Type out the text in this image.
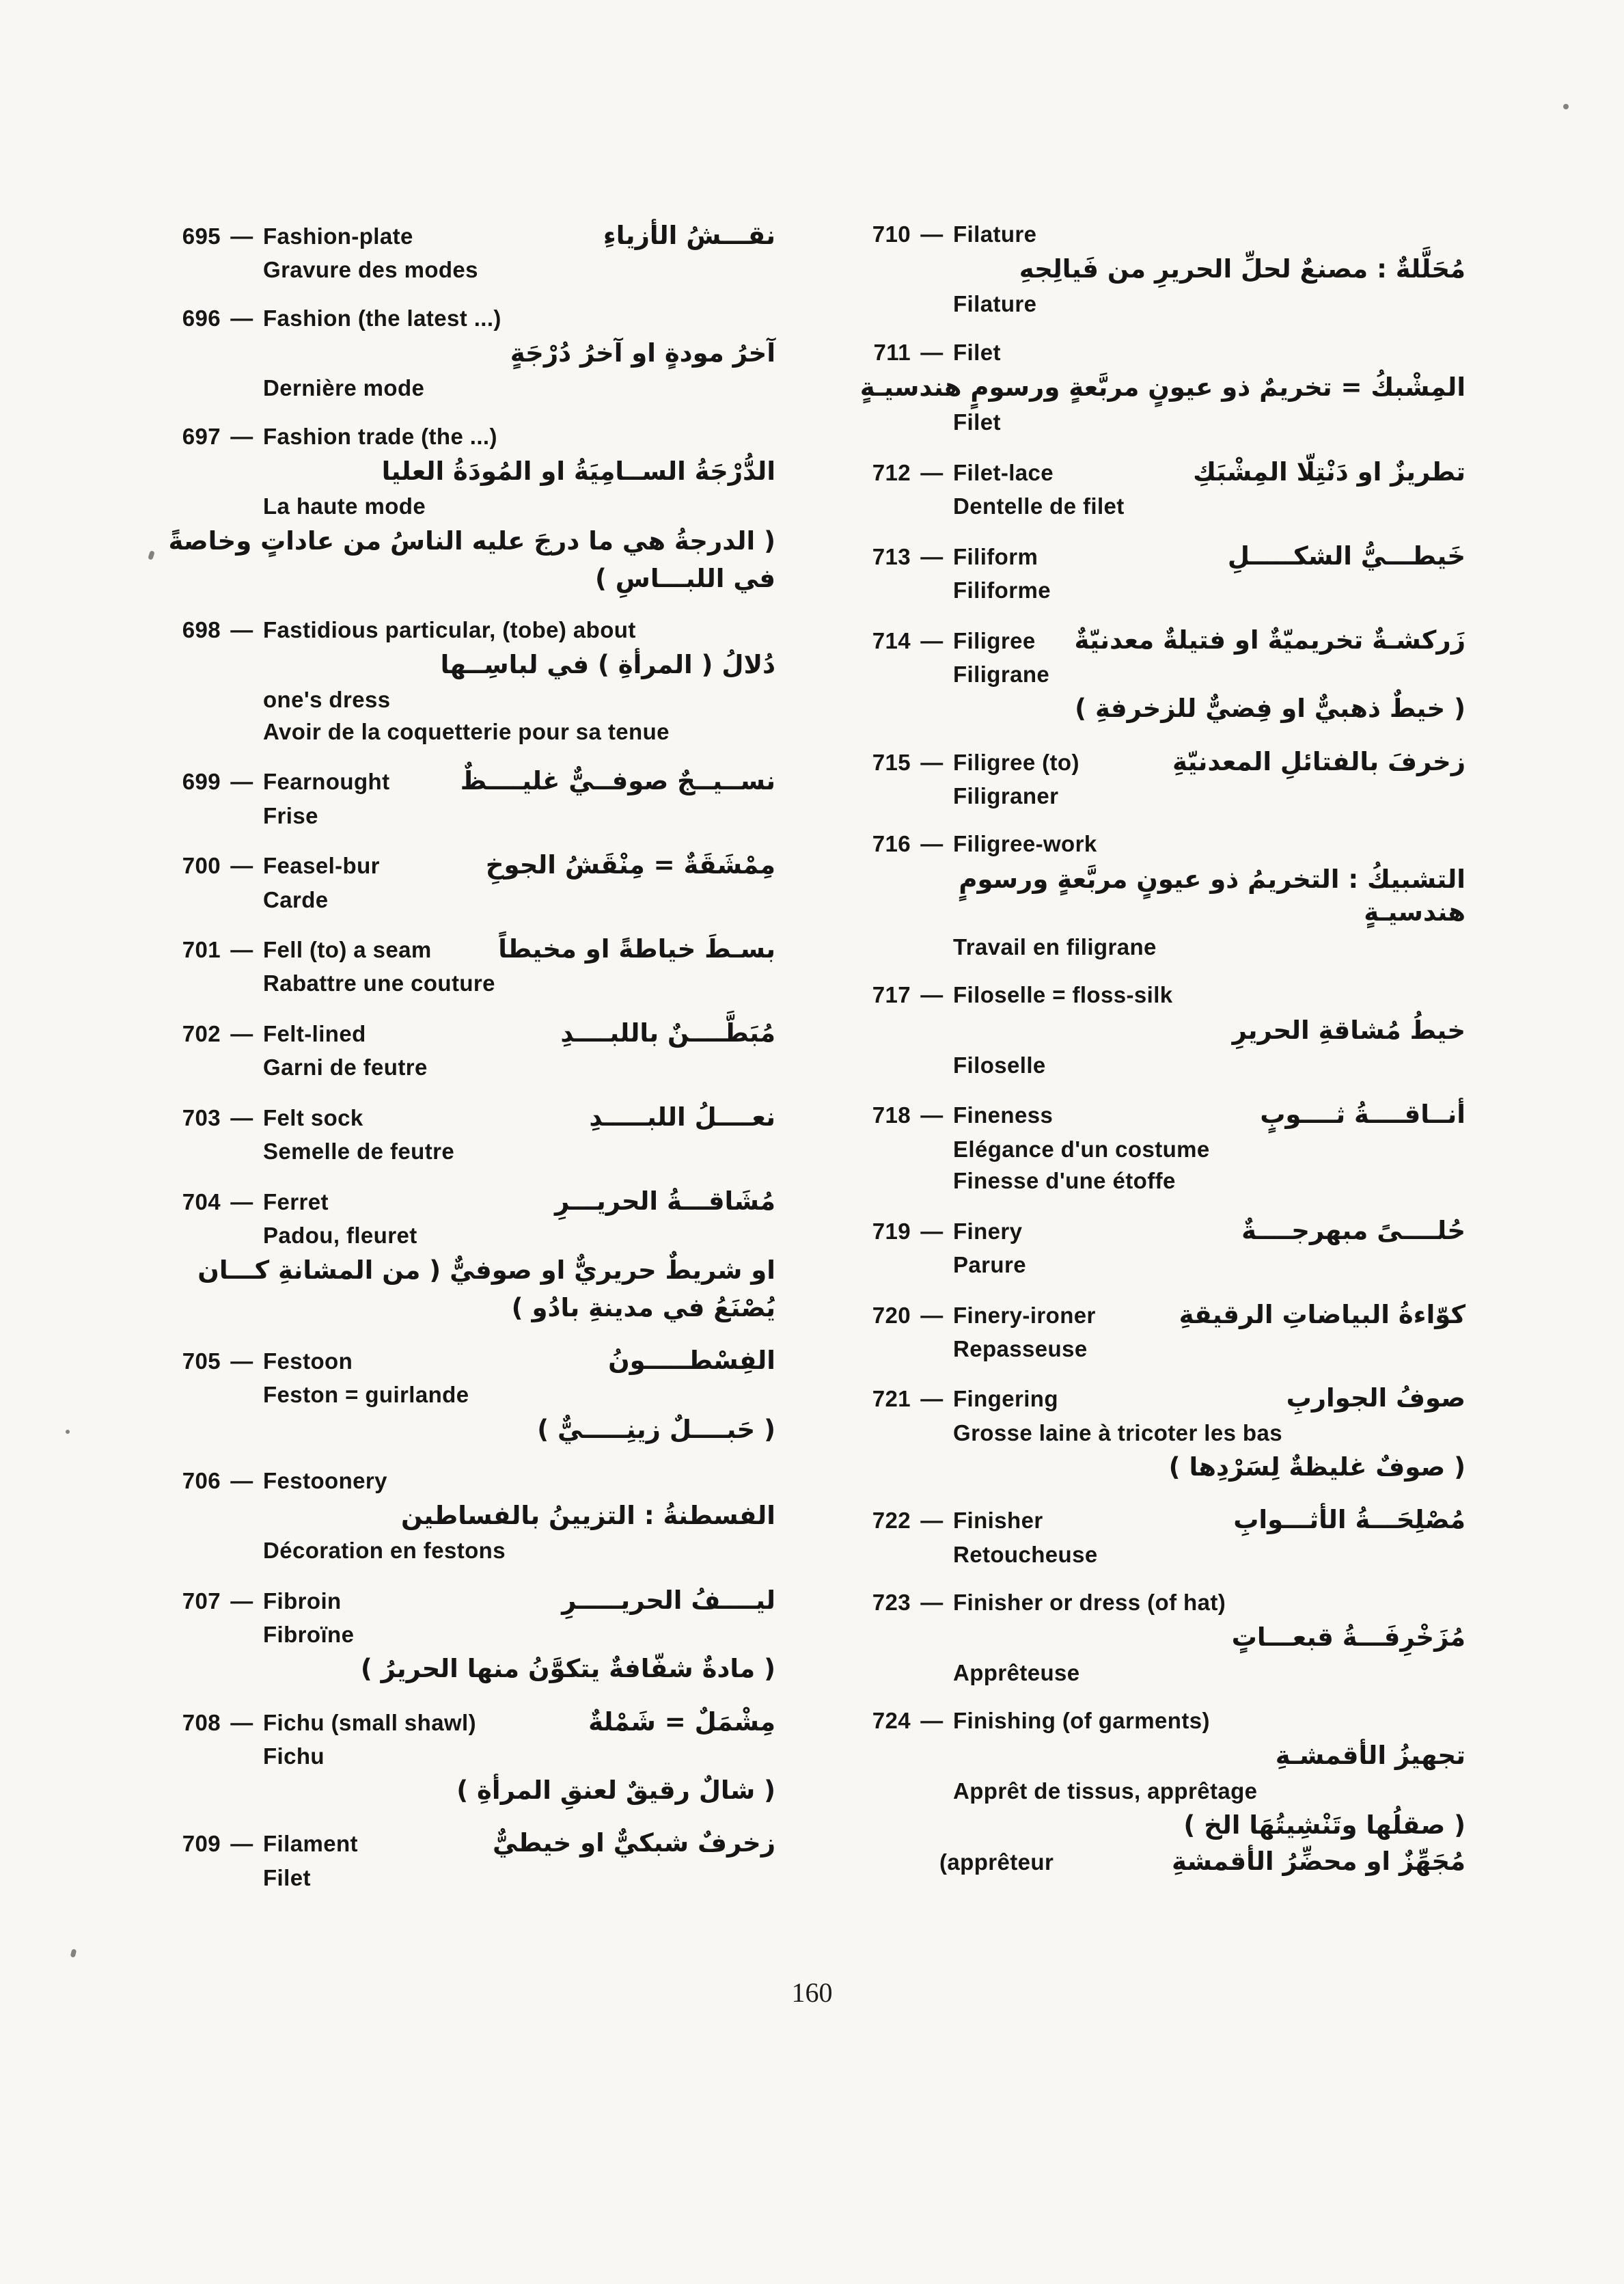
695 — Fashion-plate	نقـــشُ الأزياءِ
Gravure des modes
696 — Fashion (the latest ...)
آخرُ مودةٍ او آخرُ دُرْجَةٍ
Dernière mode
697 — Fashion trade (the ...)
الدُّرْجَةُ الســامِيَةُ او المُودَةُ العليا
La haute mode
( الدرجةُ هي ما درجَ عليه الناسُ من عاداتٍ وخاصةً
في اللبـــاسِ )
698 — Fastidious particular, (tobe) about
دُلالُ ( المرأةِ ) في لباسِــها
one's dress
Avoir de la coquetterie pour sa tenue
699 — Fearnought	نســيــجٌ صوفــيٌّ غليــــظٌ
Frise
700 — Feasel-bur	مِمْشَقَةٌ = مِنْقَشُ الجوخِ
Carde
701 — Fell (to) a seam	بسـطَ خياطةً او مخيطاً
Rabattre une couture
702 — Felt-lined	مُبَطَّــــنٌ باللبــــدِ
Garni de feutre
703 — Felt sock	نعــــلُ اللبـــــدِ
Semelle de feutre
704 — Ferret	مُشَاقـــةُ الحريـــرِ
Padou, fleuret
او شريطٌ حريريٌّ او صوفيٌّ ( من المشانةِ كـــان
يُصْنَعُ في مدينةِ بادُو )
705 — Festoon	الفِسْطـــــونُ
Feston = guirlande
( حَبــــلٌ زينِـــــيٌّ )
706 — Festoonery
الفسطنةُ : التزيينُ بالفساطين
Décoration en festons
707 — Fibroin	ليــــفُ الحريـــــرِ
Fibroïne
( مادةٌ شفّافةٌ يتكوَّنُ منها الحريرُ )
708 — Fichu (small shawl)	مِشْمَلٌ = شَمْلةٌ
Fichu
( شالٌ رقيقٌ لعنقِ المرأةِ )
709 — Filament	زخرفٌ شبكيٌّ او خيطيٌّ
Filet
710 — Filature
مُحَلَّلةٌ : مصنعٌ لحلِّ الحريرِ من فَيالِجهِ
Filature
711 — Filet
المِشْبكُ = تخريمٌ ذو عيونٍ مربَّعةٍ ورسومٍ هندسيـةٍ
Filet
712 — Filet-lace	تطريزٌ او دَنْتِلّا المِشْبَكِ
Dentelle de filet
713 — Filiform	خَيطـــيُّ الشكـــــلِ
Filiforme
714 — Filigree	زَركشـةٌ تخريميّةٌ او فتيلةٌ معدنيّةٌ
Filigrane
( خيطٌ ذهبيٌّ او فِضيٌّ للزخرفةِ )
715 — Filigree (to)	زخرفَ بالفتائلِ المعدنيّةِ
Filigraner
716 — Filigree-work
التشبيكُ : التخريمُ ذو عيونٍ مربَّعةٍ ورسومٍ هندسيـةٍ
Travail en filigrane
717 — Filoselle = floss-silk
خيطُ مُشاقةِ الحريرِ
Filoselle
718 — Fineness	أنــاقــــةُ ثــــوبٍ
Elégance d'un costume
Finesse d'une étoffe
719 — Finery	حُلــــىً مبهرجــــةٌ
Parure
720 — Finery-ironer	كوّاءةُ البياضاتِ الرقيقةِ
Repasseuse
721 — Fingering	صوفُ الجواربِ
Grosse laine à tricoter les bas
( صوفٌ غليظةٌ لِسَرْدِها )
722 — Finisher	مُصْلِحَـــةُ الأثـــوابِ
Retoucheuse
723 — Finisher or dress (of hat)
مُزَخْرِفَـــةُ قبعـــاتٍ
Apprêteuse
724 — Finishing (of garments)
تجهيزُ الأقمشـةِ
Apprêt de tissus, apprêtage
( صقلُها وتَنْشِيتُهَا الخ )
(apprêteur	مُجَهِّزٌ او محضِّرُ الأقمشةِ
160
